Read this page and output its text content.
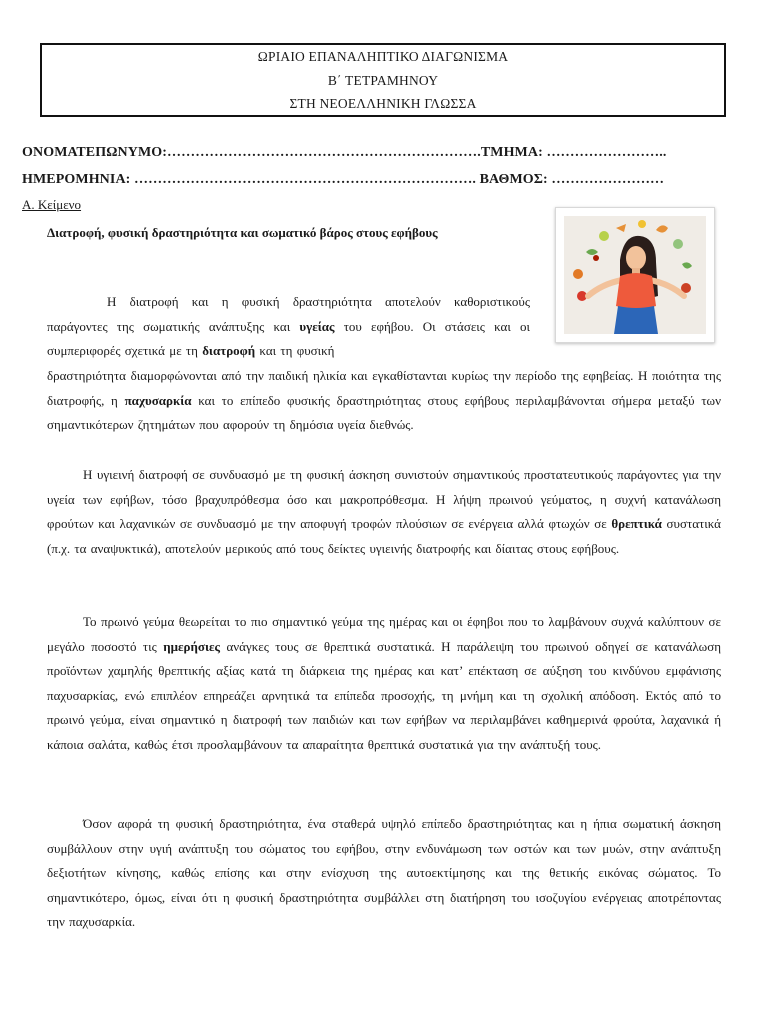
ΩΡΙΑΙΟ ΕΠΑΝΑΛΗΠΤΙΚΟ ΔΙΑΓΩΝΙΣΜΑ
Β΄ ΤΕΤΡΑΜΗΝΟΥ
ΣΤΗ ΝΕΟΕΛΛΗΝΙΚΗ ΓΛΩΣΣΑ
ΟΝΟΜΑΤΕΠΩΝΥΜΟ:………………………………………………………….ΤΜΗΜΑ: ……………………..
ΗΜΕΡΟΜΗΝΙΑ: ………………………………………………………………. ΒΑΘΜΟΣ: ……………………
Α. Κείμενο
Διατροφή, φυσική δραστηριότητα και σωματικό βάρος στους εφήβους

Η διατροφή και η φυσική δραστηριότητα αποτελούν καθοριστικούς παράγοντες της σωματικής ανάπτυξης και υγείας του εφήβου. Οι στάσεις και οι συμπεριφορές σχετικά με τη διατροφή και τη φυσική

δραστηριότητα διαμορφώνονται από την παιδική ηλικία και εγκαθίστανται κυρίως την περίοδο της εφηβείας. Η ποιότητα της διατροφής, η παχυσαρκία και το επίπεδο φυσικής δραστηριότητας στους εφήβους περιλαμβάνονται σήμερα μεταξύ των σημαντικότερων ζητημάτων που αφορούν τη δημόσια υγεία διεθνώς.

Η υγιεινή διατροφή σε συνδυασμό με τη φυσική άσκηση συνιστούν σημαντικούς προστατευτικούς παράγοντες για την υγεία των εφήβων, τόσο βραχυπρόθεσμα όσο και μακροπρόθεσμα. Η λήψη πρωινού γεύματος, η συχνή κατανάλωση φρούτων και λαχανικών σε συνδυασμό με την αποφυγή τροφών πλούσιων σε ενέργεια αλλά φτωχών σε θρεπτικά συστατικά (π.χ. τα αναψυκτικά), αποτελούν μερικούς από τους δείκτες υγιεινής διατροφής και δίαιτας στους εφήβους.

Το πρωινό γεύμα θεωρείται το πιο σημαντικό γεύμα της ημέρας και οι έφηβοι που το λαμβάνουν συχνά καλύπτουν σε μεγάλο ποσοστό τις ημερήσιες ανάγκες τους σε θρεπτικά συστατικά. Η παράλειψη του πρωινού οδηγεί σε κατανάλωση προϊόντων χαμηλής θρεπτικής αξίας κατά τη διάρκεια της ημέρας και κατ’ επέκταση σε αύξηση του κινδύνου εμφάνισης παχυσαρκίας, ενώ επιπλέον επηρεάζει αρνητικά τα επίπεδα προσοχής, τη μνήμη και τη σχολική απόδοση. Εκτός από το πρωινό γεύμα, είναι σημαντικό η διατροφή των παιδιών και των εφήβων να περιλαμβάνει καθημερινά φρούτα, λαχανικά ή κάποια σαλάτα, καθώς έτσι προσλαμβάνουν τα απαραίτητα θρεπτικά συστατικά για την ανάπτυξή τους.

Όσον αφορά τη φυσική δραστηριότητα, ένα σταθερά υψηλό επίπεδο δραστηριότητας και η ήπια σωματική άσκηση συμβάλλουν στην υγιή ανάπτυξη του σώματος του εφήβου, στην ενδυνάμωση των οστών και των μυών, στην ανάπτυξη δεξιοτήτων κίνησης, καθώς επίσης και στην ενίσχυση της αυτοεκτίμησης και της θετικής εικόνας σώματος. Το σημαντικότερο, όμως, είναι ότι η φυσική δραστηριότητα συμβάλλει στη διατήρηση του ισοζυγίου ενέργειας αποτρέποντας την παχυσαρκία.
